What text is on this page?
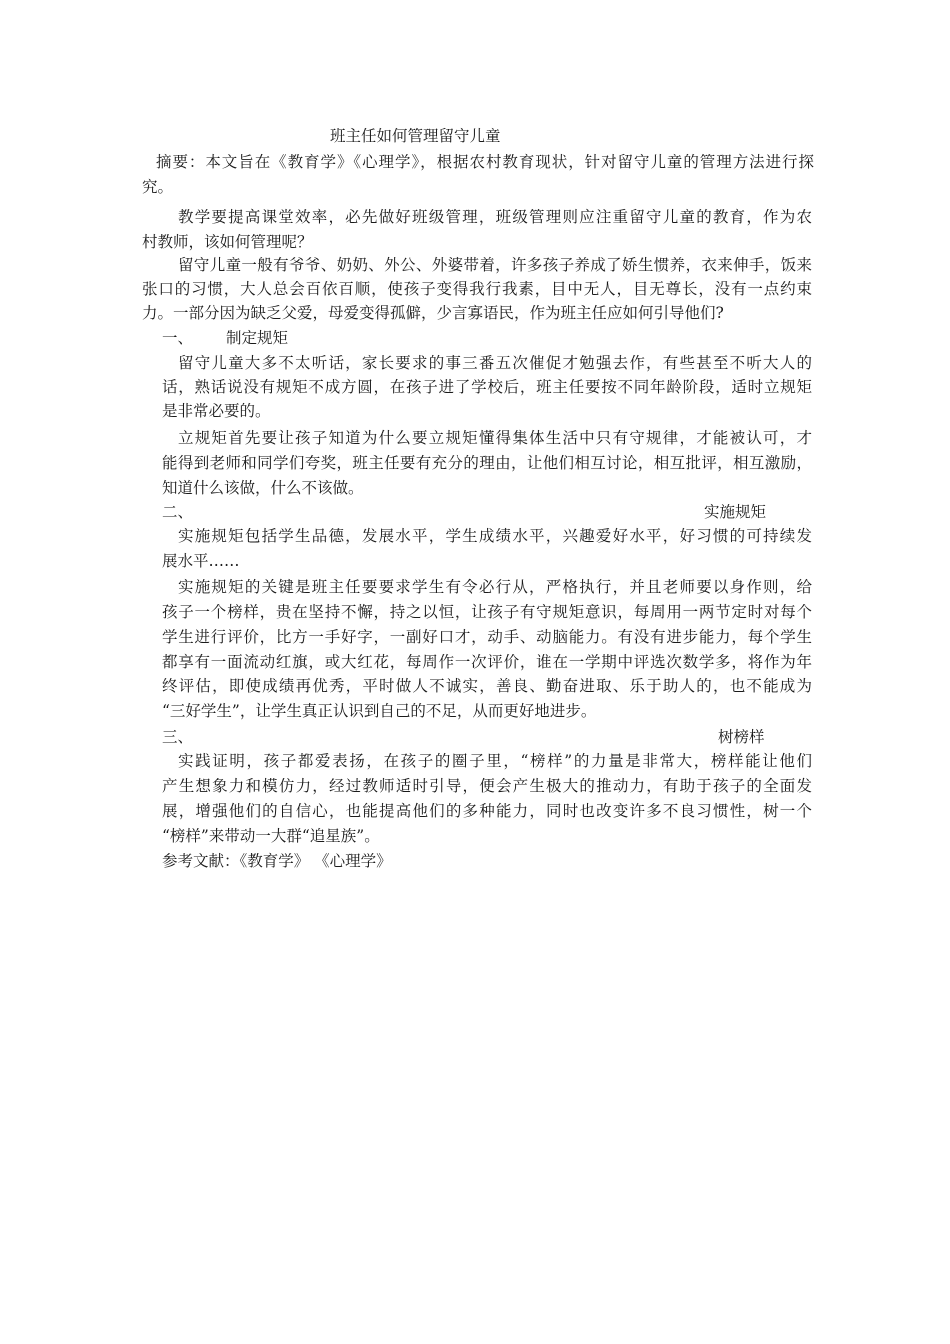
班主任如何管理留守儿童
摘要：本文旨在《教育学》《心理学》，根据农村教育现状，针对留守儿童的管理方法进行探
究。
教学要提高课堂效率，必先做好班级管理，班级管理则应注重留守儿童的教育，作为农
村教师，该如何管理呢？
留守儿童一般有爷爷、奶奶、外公、外婆带着，许多孩子养成了娇生惯养，衣来伸手，饭来
张口的习惯，大人总会百依百顺，使孩子变得我行我素，目中无人，目无尊长，没有一点约束
力。一部分因为缺乏父爱，母爱变得孤僻，少言寡语民，作为班主任应如何引导他们?
一、	制定规矩
留守儿童大多不太听话，家长要求的事三番五次催促才勉强去作，有些甚至不听大人的
话，熟话说没有规矩不成方圆，在孩子进了学校后，班主任要按不同年龄阶段，适时立规矩
是非常必要的。
立规矩首先要让孩子知道为什么要立规矩懂得集体生活中只有守规律，才能被认可，才
能得到老师和同学们夸奖，班主任要有充分的理由，让他们相互讨论，相互批评，相互激励，
知道什么该做，什么不该做。
二、	实施规矩
实施规矩包括学生品德，发展水平，学生成绩水平，兴趣爱好水平，好习惯的可持续发
展水平……
实施规矩的关键是班主任要要求学生有令必行从，严格执行，并且老师要以身作则，给
孩子一个榜样，贵在坚持不懈，持之以恒，让孩子有守规矩意识，每周用一两节定时对每个
学生进行评价，比方一手好字，一副好口才，动手、动脑能力。有没有进步能力，每个学生
都享有一面流动红旗，或大红花，每周作一次评价，谁在一学期中评选次数学多，将作为年
终评估，即使成绩再优秀，平时做人不诚实，善良、勤奋进取、乐于助人的，也不能成为
“三好学生”，让学生真正认识到自己的不足，从而更好地进步。
三、	树榜样
实践证明，孩子都爱表扬，在孩子的圈子里，“榜样”的力量是非常大，榜样能让他们
产生想象力和模仿力，经过教师适时引导，便会产生极大的推动力，有助于孩子的全面发
展，增强他们的自信心，也能提高他们的多种能力，同时也改变许多不良习惯性，树一个
“榜样”来带动一大群“追星族”。
参考文献：《教育学》 《心理学》
